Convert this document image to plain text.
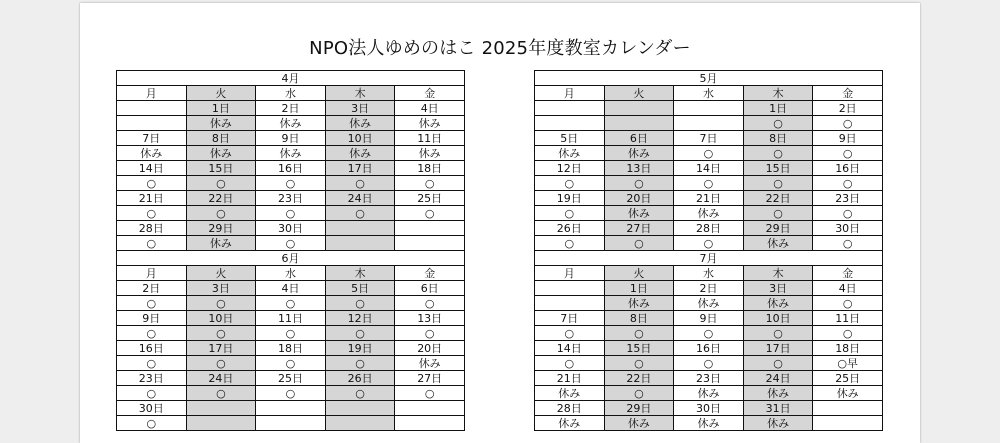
NPO法人ゆめのはこ 2025年度教室カレンダー
4月				
月	火	水	木	金
	1日	2日	3日	4日
	休み	休み	休み	休み
7日	8日	9日	10日	11日
休み	休み	休み	休み	休み
14日	15日	16日	17日	18日
○	○	○	○	○
21日	22日	23日	24日	25日
○	○	○	○	○
28日	29日	30日		
○	休み	○		
6月				
月	火	水	木	金
2日	3日	4日	5日	6日
○	○	○	○	○
9日	10日	11日	12日	13日
○	○	○	○	○
16日	17日	18日	19日	20日
○	○	○	○	休み
23日	24日	25日	26日	27日
○	○	○	○	○
30日				
○				
5月				
月	火	水	木	金
			1日	2日
			○	○
5日	6日	7日	8日	9日
休み	休み	○	○	○
12日	13日	14日	15日	16日
○	○	○	○	○
19日	20日	21日	22日	23日
○	休み	休み	○	○
26日	27日	28日	29日	30日
○	○	○	休み	○
7月				
月	火	水	木	金
	1日	2日	3日	4日
	休み	休み	休み	○
7日	8日	9日	10日	11日
○	○	○	○	○
14日	15日	16日	17日	18日
○	○	○	○	○早
21日	22日	23日	24日	25日
休み	○	休み	休み	休み
28日	29日	30日	31日	
休み	休み	休み	休み	
